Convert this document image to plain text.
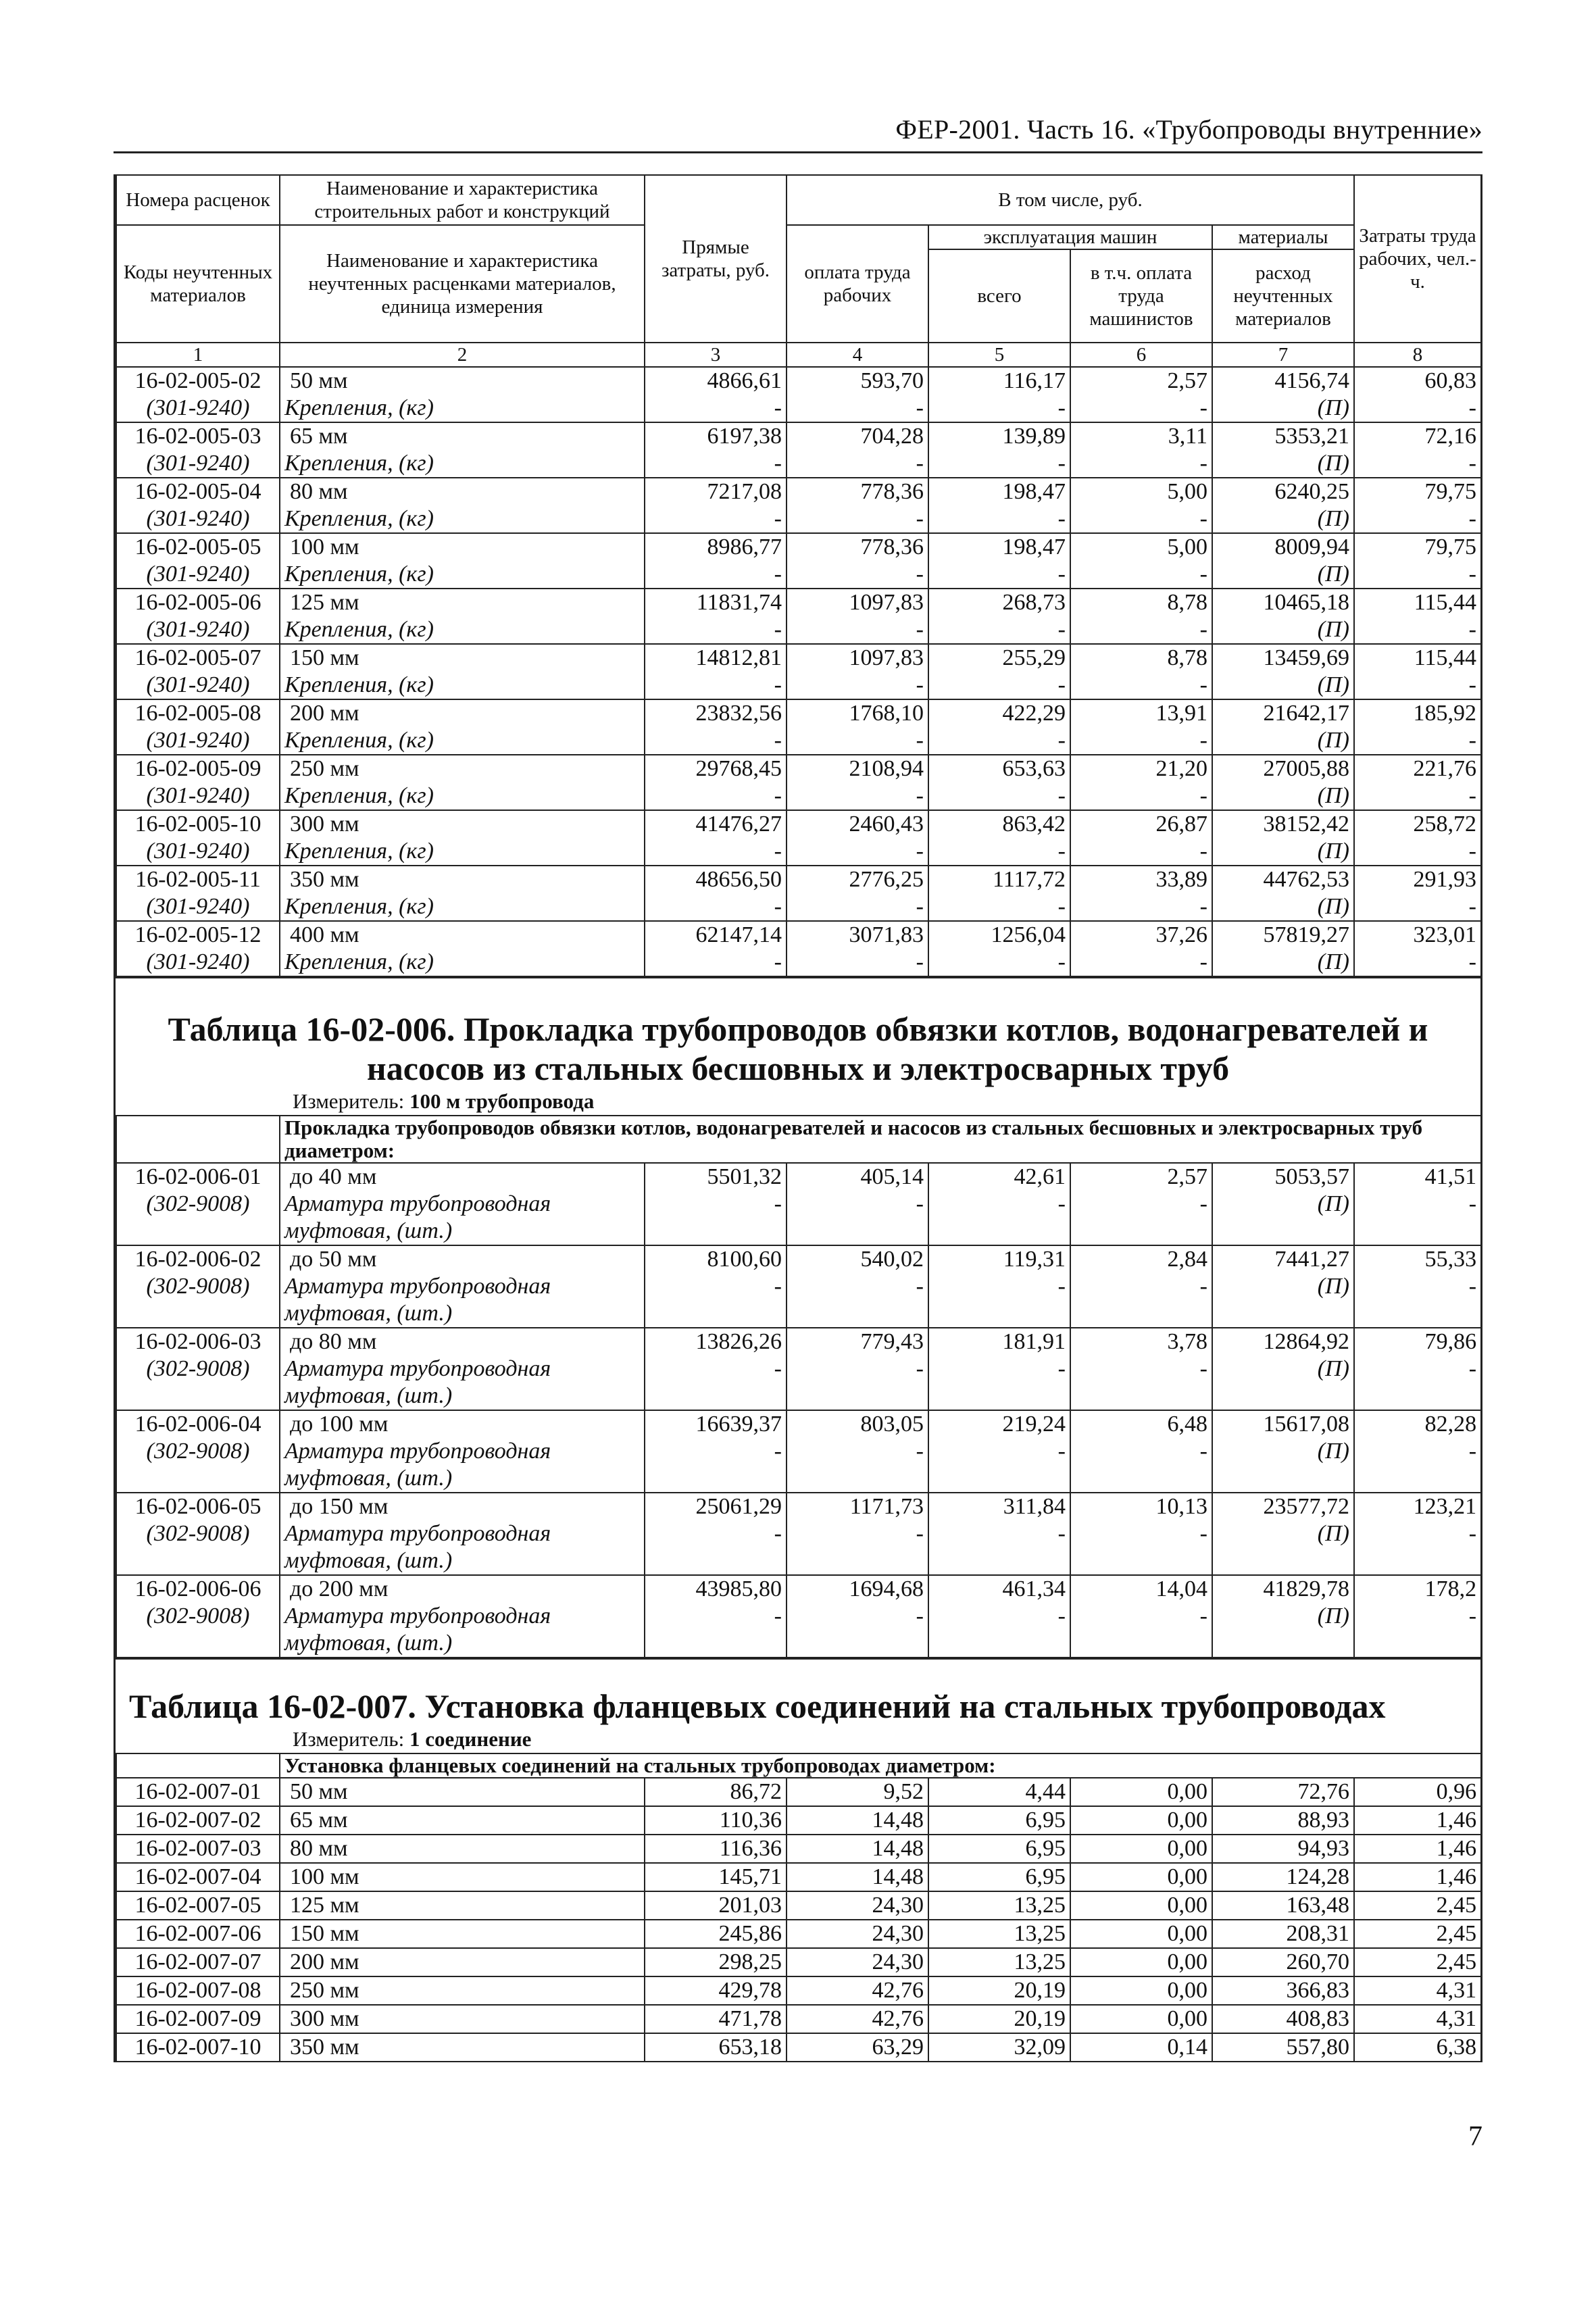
ФЕР-2001. Часть 16. «Трубопроводы внутренние»
Номера расценок	Наименование и характеристика строительных работ и конструкций	Прямые затраты, руб.	В том числе, руб.				Затраты труда рабочих, чел.-ч.
Коды неучтенных материалов	Наименование и характеристика неучтенных расценками материалов, единица измерения		оплата труда рабочих	эксплуатация машин		материалы	
				всего	в т.ч. оплата труда машинистов	расход неучтенных материалов	
1	2	3	4	5	6	7	8
16-02-005-02	50 мм	4866,61	593,70	116,17	2,57	4156,74	60,83
(301-9240)	Крепления, (кг)	-	-	-	-	(П)	-
16-02-005-03	65 мм	6197,38	704,28	139,89	3,11	5353,21	72,16
(301-9240)	Крепления, (кг)	-	-	-	-	(П)	-
16-02-005-04	80 мм	7217,08	778,36	198,47	5,00	6240,25	79,75
(301-9240)	Крепления, (кг)	-	-	-	-	(П)	-
16-02-005-05	100 мм	8986,77	778,36	198,47	5,00	8009,94	79,75
(301-9240)	Крепления, (кг)	-	-	-	-	(П)	-
16-02-005-06	125 мм	11831,74	1097,83	268,73	8,78	10465,18	115,44
(301-9240)	Крепления, (кг)	-	-	-	-	(П)	-
16-02-005-07	150 мм	14812,81	1097,83	255,29	8,78	13459,69	115,44
(301-9240)	Крепления, (кг)	-	-	-	-	(П)	-
16-02-005-08	200 мм	23832,56	1768,10	422,29	13,91	21642,17	185,92
(301-9240)	Крепления, (кг)	-	-	-	-	(П)	-
16-02-005-09	250 мм	29768,45	2108,94	653,63	21,20	27005,88	221,76
(301-9240)	Крепления, (кг)	-	-	-	-	(П)	-
16-02-005-10	300 мм	41476,27	2460,43	863,42	26,87	38152,42	258,72
(301-9240)	Крепления, (кг)	-	-	-	-	(П)	-
16-02-005-11	350 мм	48656,50	2776,25	1117,72	33,89	44762,53	291,93
(301-9240)	Крепления, (кг)	-	-	-	-	(П)	-
16-02-005-12	400 мм	62147,14	3071,83	1256,04	37,26	57819,27	323,01
(301-9240)	Крепления, (кг)	-	-	-	-	(П)	-
Таблица 16-02-006. Прокладка трубопроводов обвязки котлов, водонагревателей и
насосов из стальных бесшовных и электросварных труб
Измеритель: 100 м трубопровода
	Прокладка трубопроводов обвязки котлов, водонагревателей и насосов из стальных бесшовных и электросварных труб диаметром:						
16-02-006-01	до 40 мм	5501,32	405,14	42,61	2,57	5053,57	41,51
(302-9008)	Арматура трубопроводная	-	-	-	-	(П)	-
	муфтовая, (шт.)						
16-02-006-02	до 50 мм	8100,60	540,02	119,31	2,84	7441,27	55,33
(302-9008)	Арматура трубопроводная	-	-	-	-	(П)	-
	муфтовая, (шт.)						
16-02-006-03	до 80 мм	13826,26	779,43	181,91	3,78	12864,92	79,86
(302-9008)	Арматура трубопроводная	-	-	-	-	(П)	-
	муфтовая, (шт.)						
16-02-006-04	до 100 мм	16639,37	803,05	219,24	6,48	15617,08	82,28
(302-9008)	Арматура трубопроводная	-	-	-	-	(П)	-
	муфтовая, (шт.)						
16-02-006-05	до 150 мм	25061,29	1171,73	311,84	10,13	23577,72	123,21
(302-9008)	Арматура трубопроводная	-	-	-	-	(П)	-
	муфтовая, (шт.)						
16-02-006-06	до 200 мм	43985,80	1694,68	461,34	14,04	41829,78	178,2
(302-9008)	Арматура трубопроводная	-	-	-	-	(П)	-
	муфтовая, (шт.)						
Таблица 16-02-007. Установка фланцевых соединений на стальных трубопроводах
Измеритель: 1 соединение
	Установка фланцевых соединений на стальных трубопроводах диаметром:						
16-02-007-01	50 мм	86,72	9,52	4,44	0,00	72,76	0,96
16-02-007-02	65 мм	110,36	14,48	6,95	0,00	88,93	1,46
16-02-007-03	80 мм	116,36	14,48	6,95	0,00	94,93	1,46
16-02-007-04	100 мм	145,71	14,48	6,95	0,00	124,28	1,46
16-02-007-05	125 мм	201,03	24,30	13,25	0,00	163,48	2,45
16-02-007-06	150 мм	245,86	24,30	13,25	0,00	208,31	2,45
16-02-007-07	200 мм	298,25	24,30	13,25	0,00	260,70	2,45
16-02-007-08	250 мм	429,78	42,76	20,19	0,00	366,83	4,31
16-02-007-09	300 мм	471,78	42,76	20,19	0,00	408,83	4,31
16-02-007-10	350 мм	653,18	63,29	32,09	0,14	557,80	6,38
7
